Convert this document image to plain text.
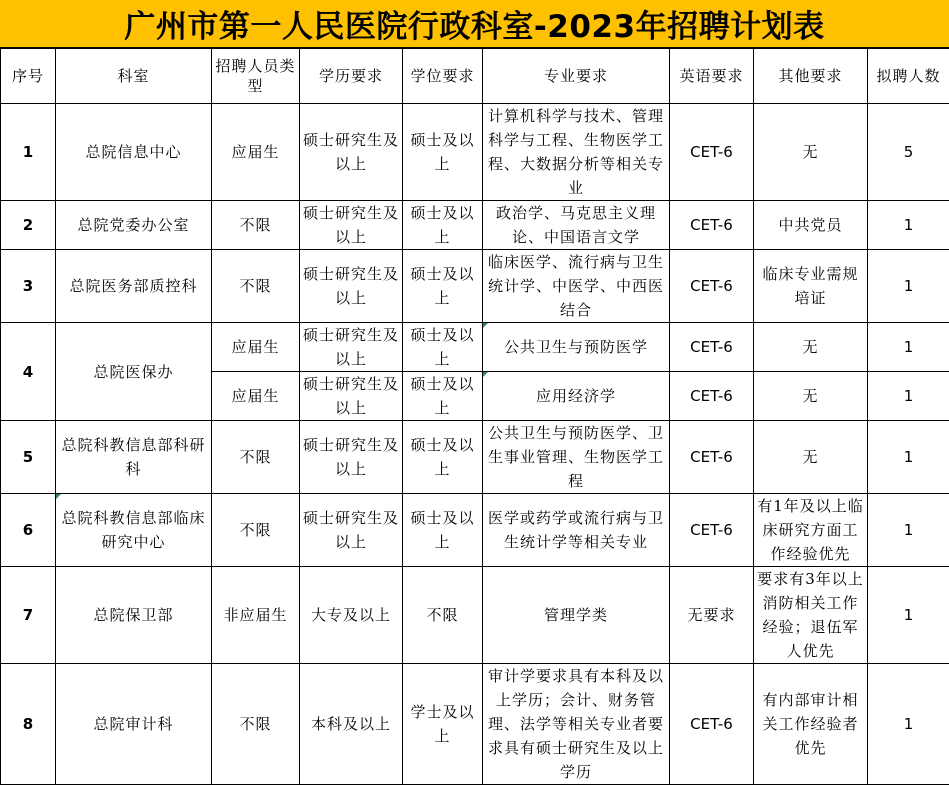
广州市第一人民医院行政科室-2023年招聘计划表
序号	科室	招聘人员类型	学历要求	学位要求	专业要求	英语要求	其他要求	拟聘人数
1	总院信息中心	应届生	硕士研究生及以上	硕士及以上	计算机科学与技术、管理科学与工程、生物医学工程、大数据分析等相关专业	CET-6	无	5
2	总院党委办公室	不限	硕士研究生及以上	硕士及以上	政治学、马克思主义理论、中国语言文学	CET-6	中共党员	1
3	总院医务部质控科	不限	硕士研究生及以上	硕士及以上	临床医学、流行病与卫生统计学、中医学、中西医结合	CET-6	临床专业需规培证	1
4	总院医保办	应届生	硕士研究生及以上	硕士及以上	公共卫生与预防医学	CET-6	无	1
		应届生	硕士研究生及以上	硕士及以上	应用经济学	CET-6	无	1
5	总院科教信息部科研科	不限	硕士研究生及以上	硕士及以上	公共卫生与预防医学、卫生事业管理、生物医学工程	CET-6	无	1
6	总院科教信息部临床研究中心	不限	硕士研究生及以上	硕士及以上	医学或药学或流行病与卫生统计学等相关专业	CET-6	有1年及以上临床研究方面工作经验优先	1
7	总院保卫部	非应届生	大专及以上	不限	管理学类	无要求	要求有3年以上消防相关工作经验；退伍军人优先	1
8	总院审计科	不限	本科及以上	学士及以上	审计学要求具有本科及以上学历；会计、财务管理、法学等相关专业者要求具有硕士研究生及以上学历	CET-6	有内部审计相关工作经验者优先	1
